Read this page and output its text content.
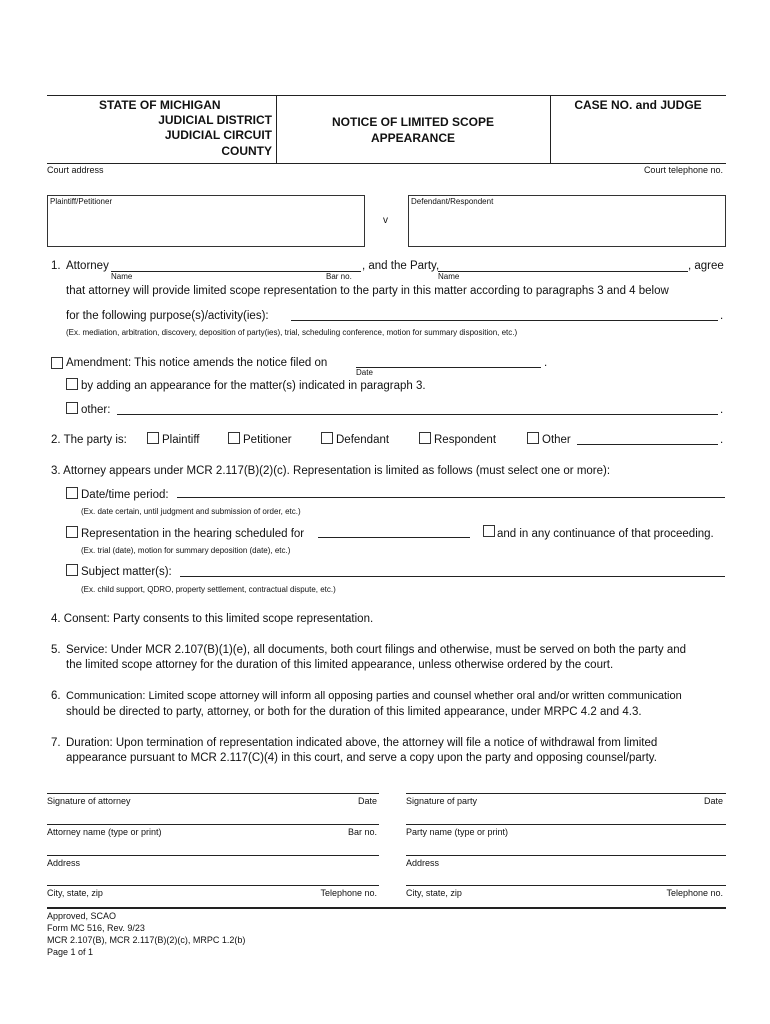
STATE OF MICHIGAN
JUDICIAL DISTRICT
JUDICIAL CIRCUIT
COUNTY
NOTICE OF LIMITED SCOPE
APPEARANCE
CASE NO. and JUDGE
Court address	Court telephone no.
Plaintiff/Petitioner
v
Defendant/Respondent
1. Attorney
Name	Bar no.
, and the Party,
Name
, agree
that attorney will provide limited scope representation to the party in this matter according to paragraphs 3 and 4 below
for the following purpose(s)/activity(ies):	.
(Ex. mediation, arbitration, discovery, deposition of party(ies), trial, scheduling conference, motion for summary disposition, etc.)
Amendment: This notice amends the notice filed on	.
Date
by adding an appearance for the matter(s) indicated in paragraph 3.
other:	.
2. The party is:	Plaintiff	Petitioner	Defendant	Respondent	Other	.
3. Attorney appears under MCR 2.117(B)(2)(c). Representation is limited as follows (must select one or more):
Date/time period:
(Ex. date certain, until judgment and submission of order, etc.)
Representation in the hearing scheduled for	and in any continuance of that proceeding.
(Ex. trial (date), motion for summary deposition (date), etc.)
Subject matter(s):
(Ex. child support, QDRO, property settlement, contractual dispute, etc.)
4. Consent: Party consents to this limited scope representation.
5. Service: Under MCR 2.107(B)(1)(e), all documents, both court filings and otherwise, must be served on both the party and
the limited scope attorney for the duration of this limited appearance, unless otherwise ordered by the court.
6. Communication: Limited scope attorney will inform all opposing parties and counsel whether oral and/or written communication
should be directed to party, attorney, or both for the duration of this limited appearance, under MRPC 4.2 and 4.3.
7. Duration: Upon termination of representation indicated above, the attorney will file a notice of withdrawal from limited
appearance pursuant to MCR 2.117(C)(4) in this court, and serve a copy upon the party and opposing counsel/party.
Signature of attorney	Date
Attorney name (type or print)	Bar no.
Address
City, state, zip	Telephone no.
Signature of party	Date
Party name (type or print)
Address
City, state, zip	Telephone no.
Approved, SCAO
Form MC 516, Rev. 9/23
MCR 2.107(B), MCR 2.117(B)(2)(c), MRPC 1.2(b)
Page 1 of 1
